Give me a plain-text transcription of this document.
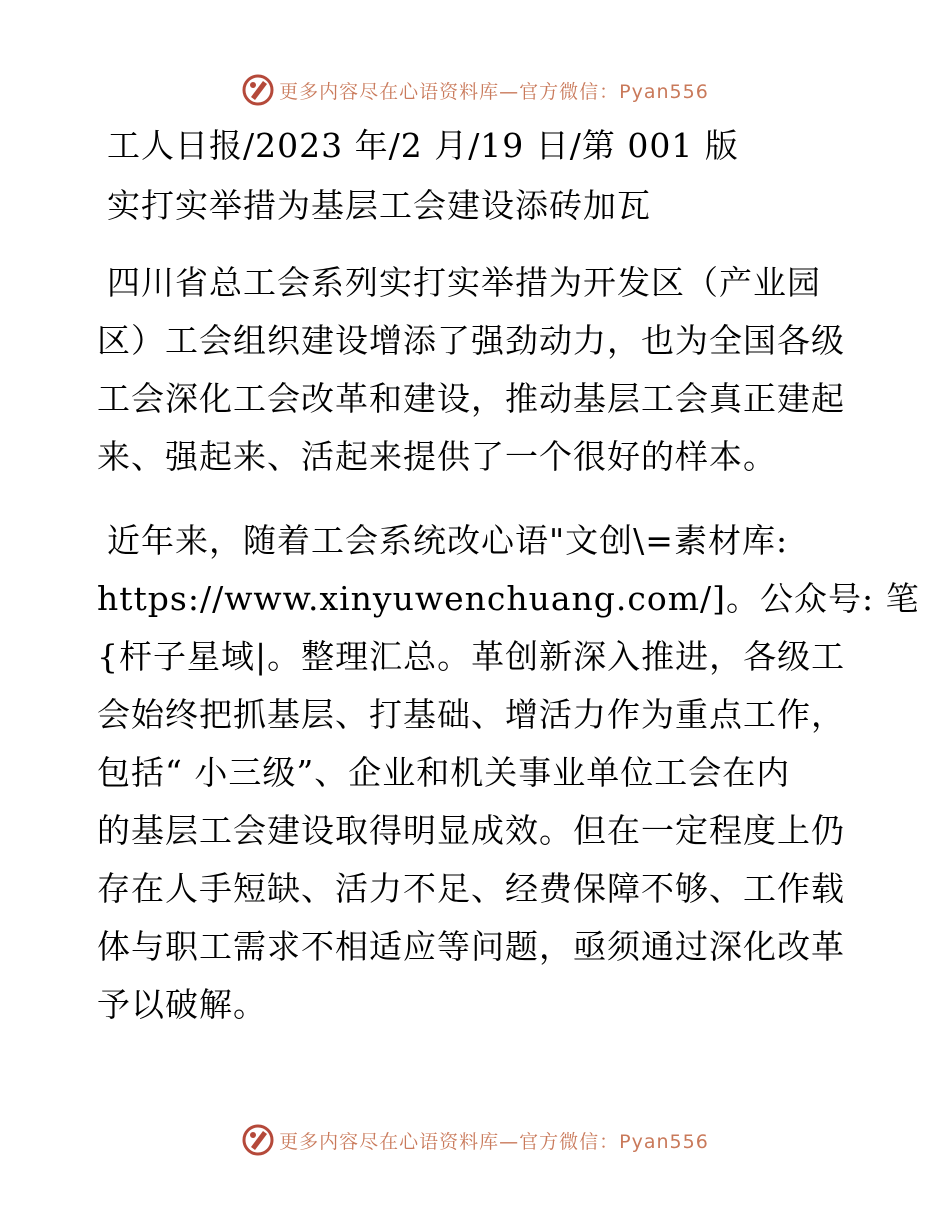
更多内容尽在心语资料库—官方微信：Pyan556
工人日报/2023 年/2 月/19 日/第 001 版
实打实举措为基层工会建设添砖加瓦
四川省总工会系列实打实举措为开发区（产业园
区）工会组织建设增添了强劲动力，也为全国各级
工会深化工会改革和建设，推动基层工会真正建起
来、强起来、活起来提供了一个很好的样本。
近年来，随着工会系统改心语"文创\=素材库:
https://www.xinyuwenchuang.com/]。公众号: 笔
{杆子星域|。整理汇总。革创新深入推进，各级工
会始终把抓基层、打基础、增活力作为重点工作，
包括“ 小三级”、企业和机关事业单位工会在内
的基层工会建设取得明显成效。但在一定程度上仍
存在人手短缺、活力不足、经费保障不够、工作载
体与职工需求不相适应等问题，亟须通过深化改革
予以破解。
更多内容尽在心语资料库—官方微信：Pyan556
